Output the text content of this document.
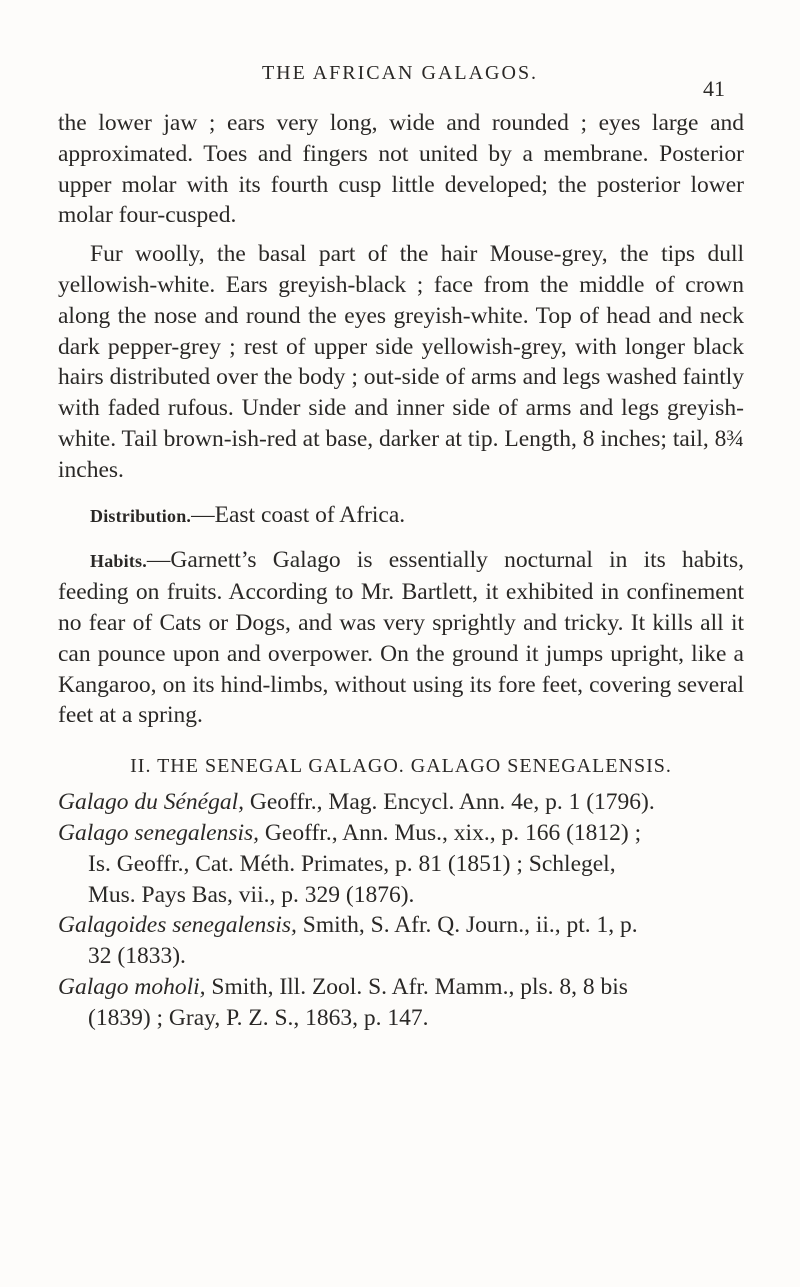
THE AFRICAN GALAGOS.
41

the lower jaw ; ears very long, wide and rounded ; eyes large and approximated. Toes and fingers not united by a membrane. Posterior upper molar with its fourth cusp little developed; the posterior lower molar four-cusped.

Fur woolly, the basal part of the hair Mouse-grey, the tips dull yellowish-white. Ears greyish-black ; face from the middle of crown along the nose and round the eyes greyish-white. Top of head and neck dark pepper-grey ; rest of upper side yellowish-grey, with longer black hairs distributed over the body ; out-side of arms and legs washed faintly with faded rufous. Under side and inner side of arms and legs greyish-white. Tail brown-ish-red at base, darker at tip. Length, 8 inches; tail, 8¾ inches.

Distribution.—East coast of Africa.

Habits.—Garnett’s Galago is essentially nocturnal in its habits, feeding on fruits. According to Mr. Bartlett, it exhibited in confinement no fear of Cats or Dogs, and was very sprightly and tricky. It kills all it can pounce upon and overpower. On the ground it jumps upright, like a Kangaroo, on its hind-limbs, without using its fore feet, covering several feet at a spring.

II. THE SENEGAL GALAGO. GALAGO SENEGALENSIS.
Galago du Sénégal, Geoffr., Mag. Encycl. Ann. 4e, p. 1 (1796).
Galago senegalensis, Geoffr., Ann. Mus., xix., p. 166 (1812) ;
Is. Geoffr., Cat. Méth. Primates, p. 81 (1851) ; Schlegel,
Mus. Pays Bas, vii., p. 329 (1876).
Galagoides senegalensis, Smith, S. Afr. Q. Journ., ii., pt. 1, p.
32 (1833).
Galago moholi, Smith, Ill. Zool. S. Afr. Mamm., pls. 8, 8 bis
(1839) ; Gray, P. Z. S., 1863, p. 147.
